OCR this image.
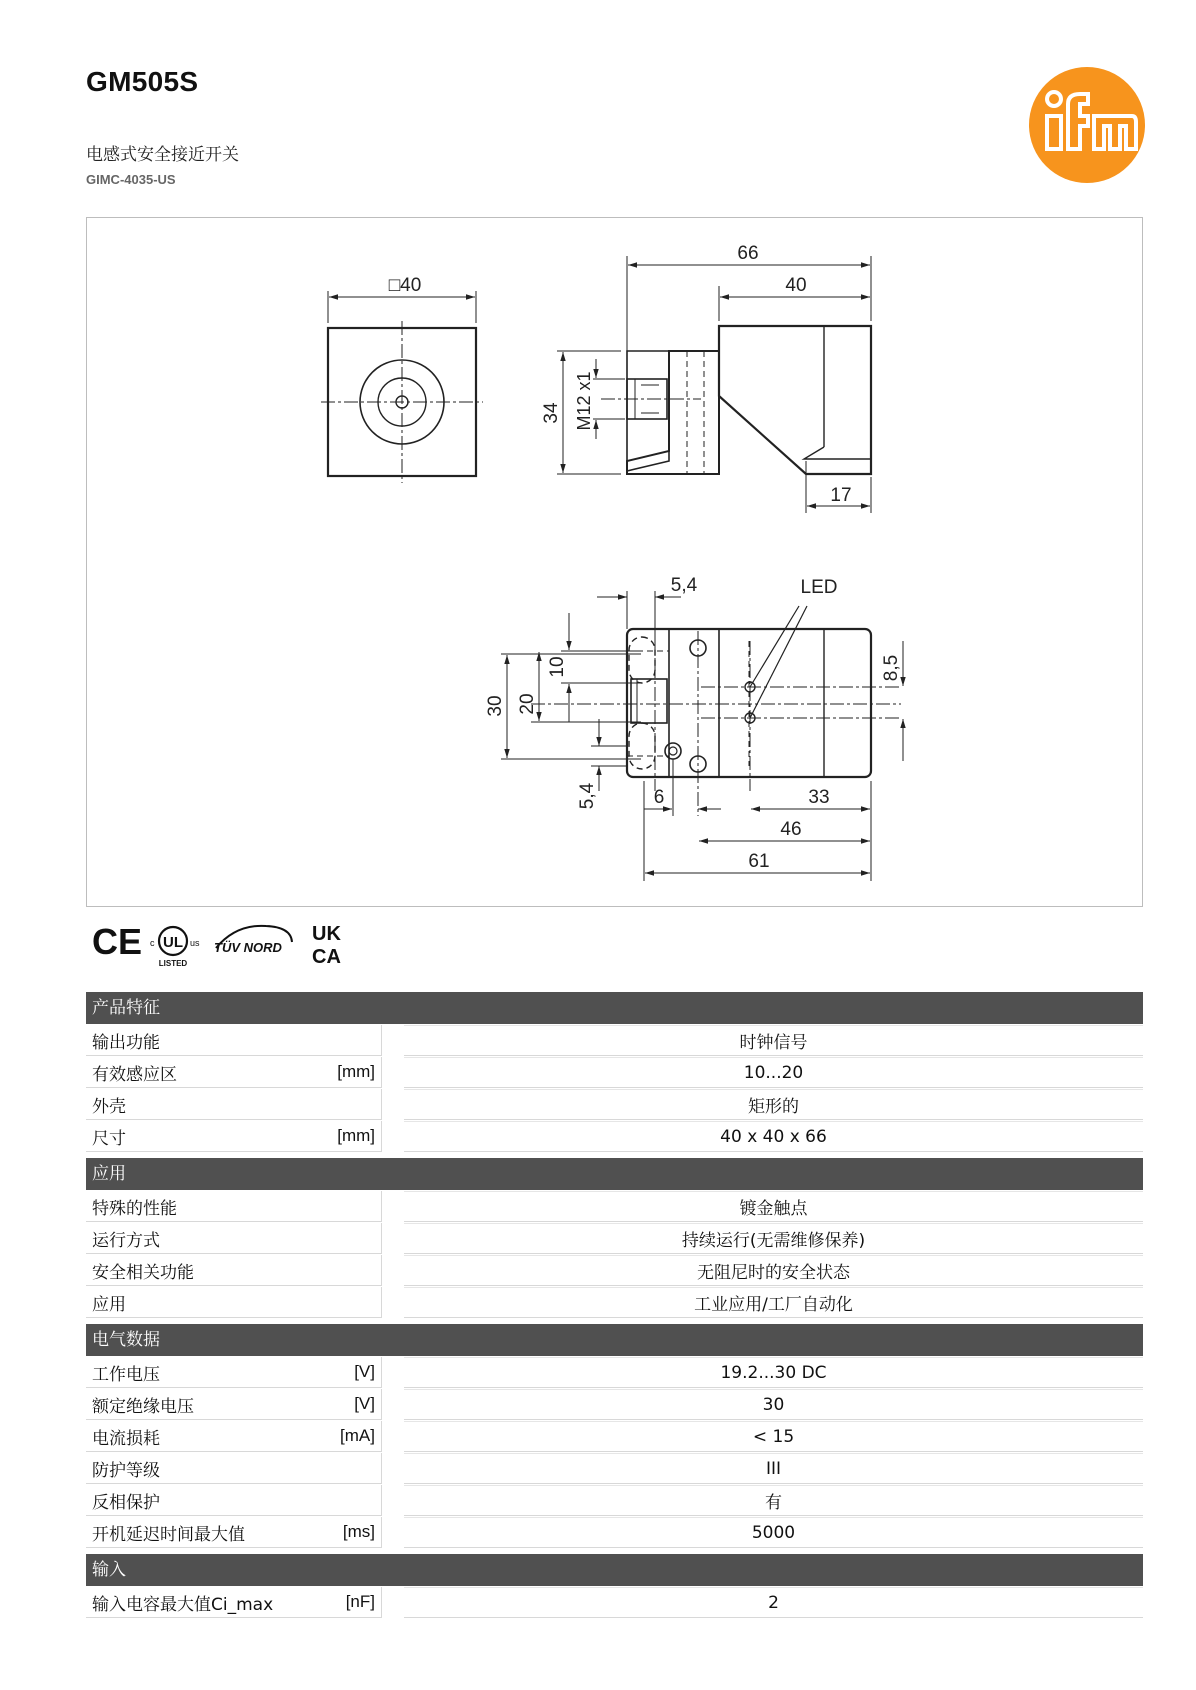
GM505S
电感式安全接近开关
GIMC-4035-US
□40
66
40
34 M12 x1
17
LED
5,4
10
20
30
5,4
8,5
6	33
46
61
CE c UL us
LISTED
TÜV NORD
UK
CA
产品特征
输出功能	时钟信号
有效感应区	[mm]	10...20
外壳	矩形的
尺寸	[mm]	40 x 40 x 66
应用
特殊的性能	镀金触点
运行方式	持续运行(无需维修保养)
安全相关功能	无阻尼时的安全状态
应用	工业应用/工厂自动化
电气数据
工作电压	[V]	19.2...30 DC
额定绝缘电压	[V]	30
电流损耗	[mA]	< 15
防护等级	III
反相保护	有
开机延迟时间最大值	[ms]	5000
输入
输入电容最大值Ci_max	[nF]	2
